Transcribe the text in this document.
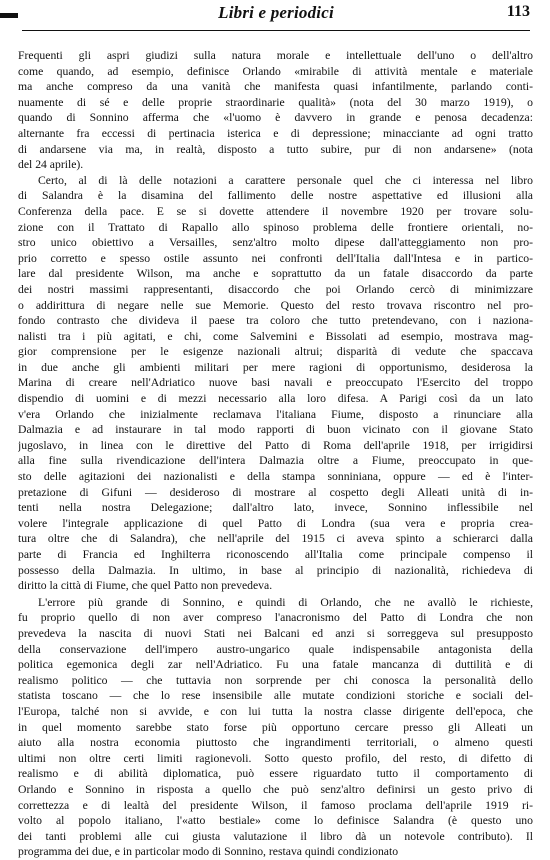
Libri e periodici	113
Frequenti gli aspri giudizi sulla natura morale e intellettuale dell'uno o dell'altro
come quando, ad esempio, definisce Orlando «mirabile di attività mentale e materiale
ma anche compreso da una vanità che manifesta quasi infantilmente, parlando conti-
nuamente di sé e delle proprie straordinarie qualità» (nota del 30 marzo 1919), o
quando di Sonnino afferma che «l'uomo è davvero in grande e penosa decadenza:
alternante fra eccessi di pertinacia isterica e di depressione; minacciante ad ogni tratto
di andarsene via ma, in realtà, disposto a tutto subire, pur di non andarsene» (nota
del 24 aprile).
Certo, al di là delle notazioni a carattere personale quel che ci interessa nel libro
di Salandra è la disamina del fallimento delle nostre aspettative ed illusioni alla
Conferenza della pace. E se si dovette attendere il novembre 1920 per trovare solu-
zione con il Trattato di Rapallo allo spinoso problema delle frontiere orientali, no-
stro unico obiettivo a Versailles, senz'altro molto dipese dall'atteggiamento non pro-
prio corretto e spesso ostile assunto nei confronti dell'Italia dall'Intesa e in partico-
lare dal presidente Wilson, ma anche e soprattutto da un fatale disaccordo da parte
dei nostri massimi rappresentanti, disaccordo che poi Orlando cercò di minimizzare
o addirittura di negare nelle sue Memorie. Questo del resto trovava riscontro nel pro-
fondo contrasto che divideva il paese tra coloro che tutto pretendevano, con i naziona-
nalisti tra i più agitati, e chi, come Salvemini e Bissolati ad esempio, mostrava mag-
gior comprensione per le esigenze nazionali altrui; disparità di vedute che spaccava
in due anche gli ambienti militari per mere ragioni di opportunismo, desiderosa la
Marina di creare nell'Adriatico nuove basi navali e preoccupato l'Esercito del troppo
dispendio di uomini e di mezzi necessario alla loro difesa. A Parigi così da un lato
v'era Orlando che inizialmente reclamava l'italiana Fiume, disposto a rinunciare alla
Dalmazia e ad instaurare in tal modo rapporti di buon vicinato con il giovane Stato
jugoslavo, in linea con le direttive del Patto di Roma dell'aprile 1918, per irrigidirsi
alla fine sulla rivendicazione dell'intera Dalmazia oltre a Fiume, preoccupato in que-
sto delle agitazioni dei nazionalisti e della stampa sonniniana, oppure — ed è l'inter-
pretazione di Gifuni — desideroso di mostrare al cospetto degli Alleati unità di in-
tenti nella nostra Delegazione; dall'altro lato, invece, Sonnino inflessibile nel
volere l'integrale applicazione di quel Patto di Londra (sua vera e propria crea-
tura oltre che di Salandra), che nell'aprile del 1915 ci aveva spinto a schierarci dalla
parte di Francia ed Inghilterra riconoscendo all'Italia come principale compenso il
possesso della Dalmazia. In ultimo, in base al principio di nazionalità, richiedeva di
diritto la città di Fiume, che quel Patto non prevedeva.
L'errore più grande di Sonnino, e quindi di Orlando, che ne avallò le richieste,
fu proprio quello di non aver compreso l'anacronismo del Patto di Londra che non
prevedeva la nascita di nuovi Stati nei Balcani ed anzi si sorreggeva sul presupposto
della conservazione dell'impero austro-ungarico quale indispensabile antagonista della
politica egemonica degli zar nell'Adriatico. Fu una fatale mancanza di duttilità e di
realismo politico — che tuttavia non sorprende per chi conosca la personalità dello
statista toscano — che lo rese insensibile alle mutate condizioni storiche e sociali del-
l'Europa, talché non si avvide, e con lui tutta la nostra classe dirigente dell'epoca, che
in quel momento sarebbe stato forse più opportuno cercare presso gli Alleati un
aiuto alla nostra economia piuttosto che ingrandimenti territoriali, o almeno questi
ultimi non oltre certi limiti ragionevoli. Sotto questo profilo, del resto, di difetto di
realismo e di abilità diplomatica, può essere riguardato tutto il comportamento di
Orlando e Sonnino in risposta a quello che può senz'altro definirsi un gesto privo di
correttezza e di lealtà del presidente Wilson, il famoso proclama dell'aprile 1919 ri-
volto al popolo italiano, l'«atto bestiale» come lo definisce Salandra (è questo uno
dei tanti problemi alle cui giusta valutazione il libro dà un notevole contributo). Il
programma dei due, e in particolar modo di Sonnino, restava quindi condizionato
